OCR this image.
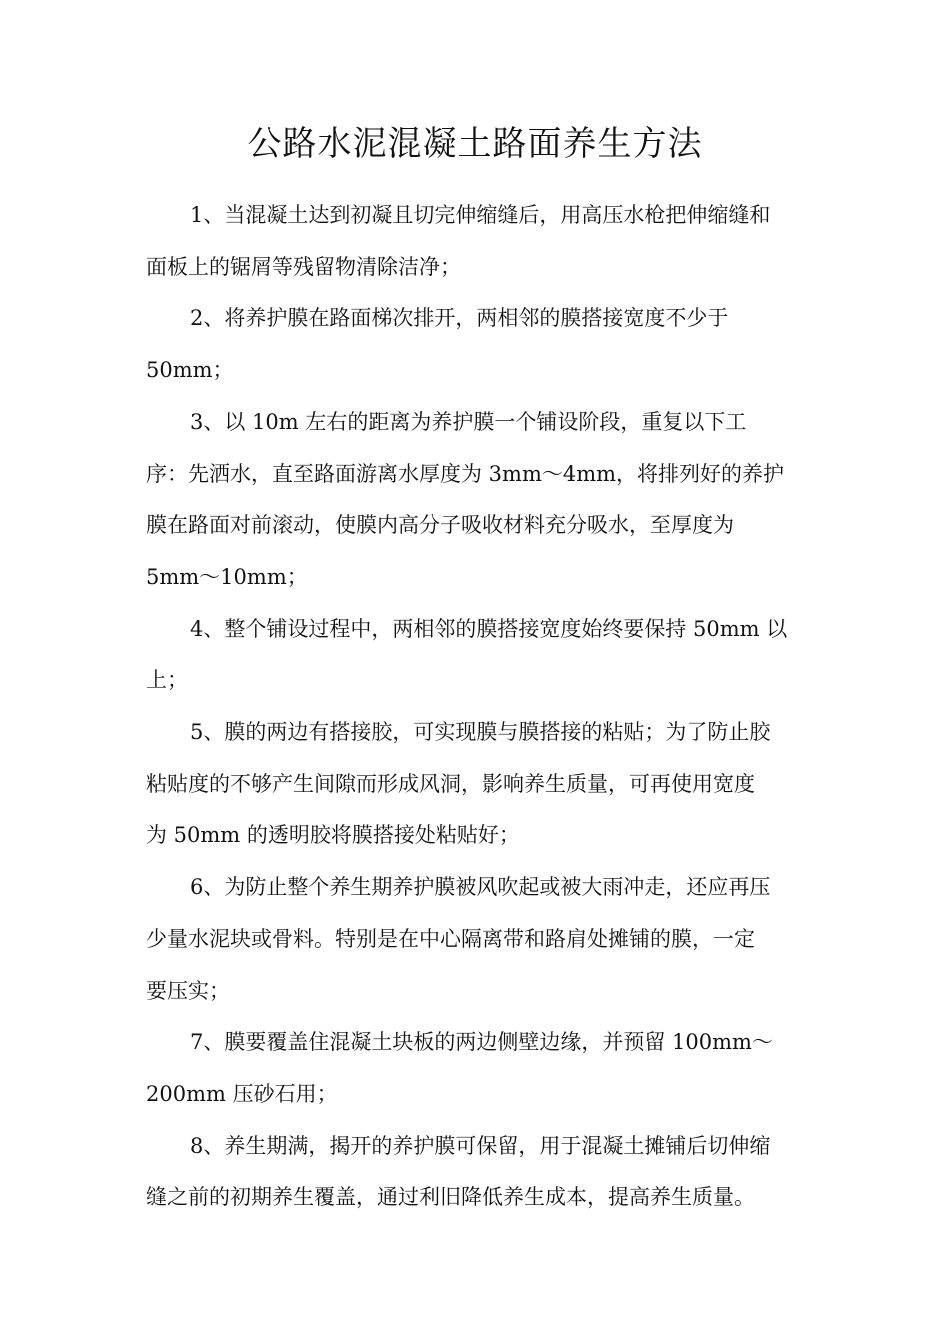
公路水泥混凝土路面养生方法

1、当混凝土达到初凝且切完伸缩缝后，用高压水枪把伸缩缝和
面板上的锯屑等残留物清除洁净；

2、将养护膜在路面梯次排开，两相邻的膜搭接宽度不少于
50mm；

3、以 10m 左右的距离为养护膜一个铺设阶段，重复以下工
序：先洒水，直至路面游离水厚度为 3mm～4mm，将排列好的养护
膜在路面对前滚动，使膜内高分子吸收材料充分吸水，至厚度为
5mm～10mm；

4、整个铺设过程中，两相邻的膜搭接宽度始终要保持 50mm 以
上；

5、膜的两边有搭接胶，可实现膜与膜搭接的粘贴；为了防止胶
粘贴度的不够产生间隙而形成风洞，影响养生质量，可再使用宽度
为 50mm 的透明胶将膜搭接处粘贴好；

6、为防止整个养生期养护膜被风吹起或被大雨冲走，还应再压
少量水泥块或骨料。特别是在中心隔离带和路肩处摊铺的膜，一定
要压实；

7、膜要覆盖住混凝土块板的两边侧壁边缘，并预留 100mm～
200mm 压砂石用；

8、养生期满，揭开的养护膜可保留，用于混凝土摊铺后切伸缩
缝之前的初期养生覆盖，通过利旧降低养生成本，提高养生质量。
